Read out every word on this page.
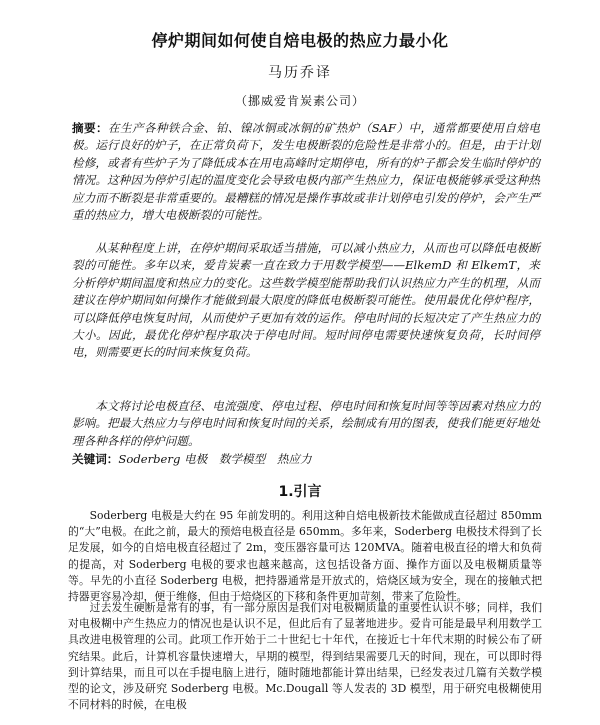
停炉期间如何使自焙电极的热应力最小化
马历乔译
（挪威爱肯炭素公司）

摘要：在生产各种铁合金、铂、镍冰铜或冰铜的矿热炉（SAF）中，通常都要使用自焙电极。运行良好的炉子，在正常负荷下，发生电极断裂的危险性是非常小的。但是，由于计划检修，或者有些炉子为了降低成本在用电高峰时定期停电，所有的炉子都会发生临时停炉的情况。这种因为停炉引起的温度变化会导致电极内部产生热应力，保证电极能够承受这种热应力而不断裂是非常重要的。最糟糕的情况是操作事故或非计划停电引发的停炉，会产生严重的热应力，增大电极断裂的可能性。

从某种程度上讲，在停炉期间采取适当措施，可以减小热应力，从而也可以降低电极断裂的可能性。多年以来，爱肯炭素一直在致力于用数学模型——ElkemD 和 ElkemT，来分析停炉期间温度和热应力的变化。这些数学模型能帮助我们认识热应力产生的机理，从而建议在停炉期间如何操作才能做到最大限度的降低电极断裂可能性。使用最优化停炉程序，可以降低停电恢复时间，从而使炉子更加有效的运作。停电时间的长短决定了产生热应力的大小。因此，最优化停炉程序取决于停电时间。短时间停电需要快速恢复负荷，长时间停电，则需要更长的时间来恢复负荷。

本文将讨论电极直径、电流强度、停电过程、停电时间和恢复时间等等因素对热应力的影响。把最大热应力与停电时间和恢复时间的关系，绘制成有用的图表，使我们能更好地处理各种各样的停炉问题。

关键词：Soderberg 电极　数学模型　热应力
1.引言

Soderberg 电极是大约在 95 年前发明的。利用这种自焙电极新技术能做成直径超过 850mm 的“大”电极。在此之前，最大的预焙电极直径是 650mm。多年来，Soderberg 电极技术得到了长足发展，如今的自焙电极直径超过了 2m，变压器容量可达 120MVA。随着电极直径的增大和负荷的提高，对 Soderberg 电极的要求也越来越高，这包括设备方面、操作方面以及电极糊质量等等。早先的小直径 Soderberg 电极，把持器通常是开放式的，焙烧区域为安全，现在的接触式把持器更容易冷却，便于维修，但由于焙烧区的下移和条件更加苛刻，带来了危险性。

过去发生硬断是常有的事，有一部分原因是我们对电极糊质量的重要性认识不够；同样，我们对电极糊中产生热应力的情况也是认识不足，但此后有了显著地进步。爱肯可能是最早利用数学工具改进电极管理的公司。此项工作开始于二十世纪七十年代，在接近七十年代末期的时候公布了研究结果。此后，计算机容量快速增大，早期的模型，得到结果需要几天的时间，现在，可以即时得到计算结果，而且可以在手提电脑上进行，随时随地都能计算出结果，已经发表过几篇有关数学模型的论文，涉及研究 Soderberg 电极。Mc.Dougall 等人发表的 3D 模型，用于研究电极糊使用不同材料的时候，在电极
